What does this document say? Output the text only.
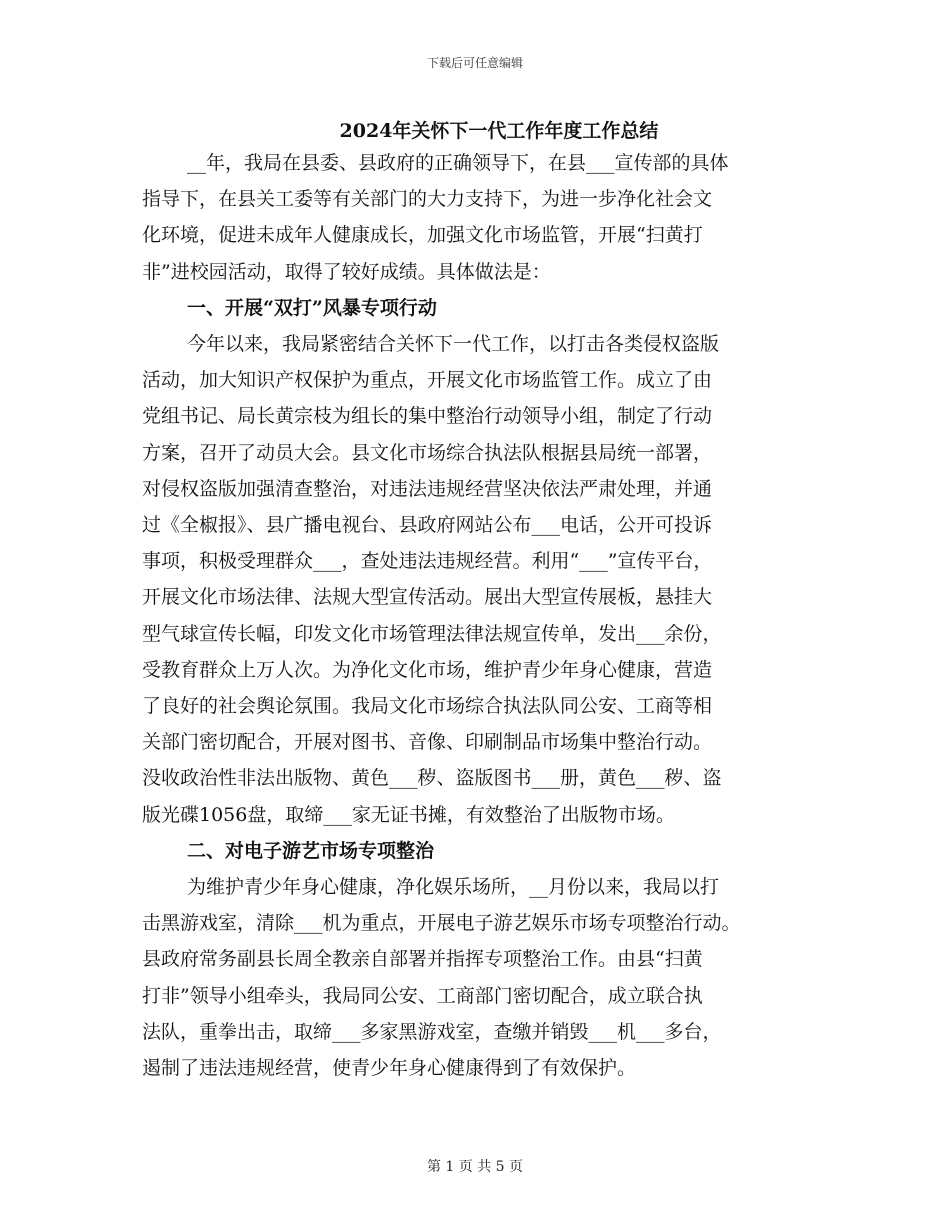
下载后可任意编辑
2024年关怀下一代工作年度工作总结
__年，我局在县委、县政府的正确领导下，在县___宣传部的具体
指导下，在县关工委等有关部门的大力支持下，为进一步净化社会文
化环境，促进未成年人健康成长，加强文化市场监管，开展“扫黄打
非”进校园活动，取得了较好成绩。具体做法是：
一、开展“双打”风暴专项行动
今年以来，我局紧密结合关怀下一代工作，以打击各类侵权盗版
活动，加大知识产权保护为重点，开展文化市场监管工作。成立了由
党组书记、局长黄宗枝为组长的集中整治行动领导小组，制定了行动
方案，召开了动员大会。县文化市场综合执法队根据县局统一部署，
对侵权盗版加强清查整治，对违法违规经营坚决依法严肃处理，并通
过《全椒报》、县广播电视台、县政府网站公布___电话，公开可投诉
事项，积极受理群众___，查处违法违规经营。利用“___”宣传平台，
开展文化市场法律、法规大型宣传活动。展出大型宣传展板，悬挂大
型气球宣传长幅，印发文化市场管理法律法规宣传单，发出___余份，
受教育群众上万人次。为净化文化市场，维护青少年身心健康，营造
了良好的社会舆论氛围。我局文化市场综合执法队同公安、工商等相
关部门密切配合，开展对图书、音像、印刷制品市场集中整治行动。
没收政治性非法出版物、黄色___秽、盗版图书___册，黄色___秽、盗
版光碟1056盘，取缔___家无证书摊，有效整治了出版物市场。
二、对电子游艺市场专项整治
为维护青少年身心健康，净化娱乐场所，__月份以来，我局以打
击黑游戏室，清除___机为重点，开展电子游艺娱乐市场专项整治行动。
县政府常务副县长周全教亲自部署并指挥专项整治工作。由县“扫黄
打非”领导小组牵头，我局同公安、工商部门密切配合，成立联合执
法队，重拳出击，取缔___多家黑游戏室，查缴并销毁___机___多台，
遏制了违法违规经营，使青少年身心健康得到了有效保护。
第 1 页 共 5 页
